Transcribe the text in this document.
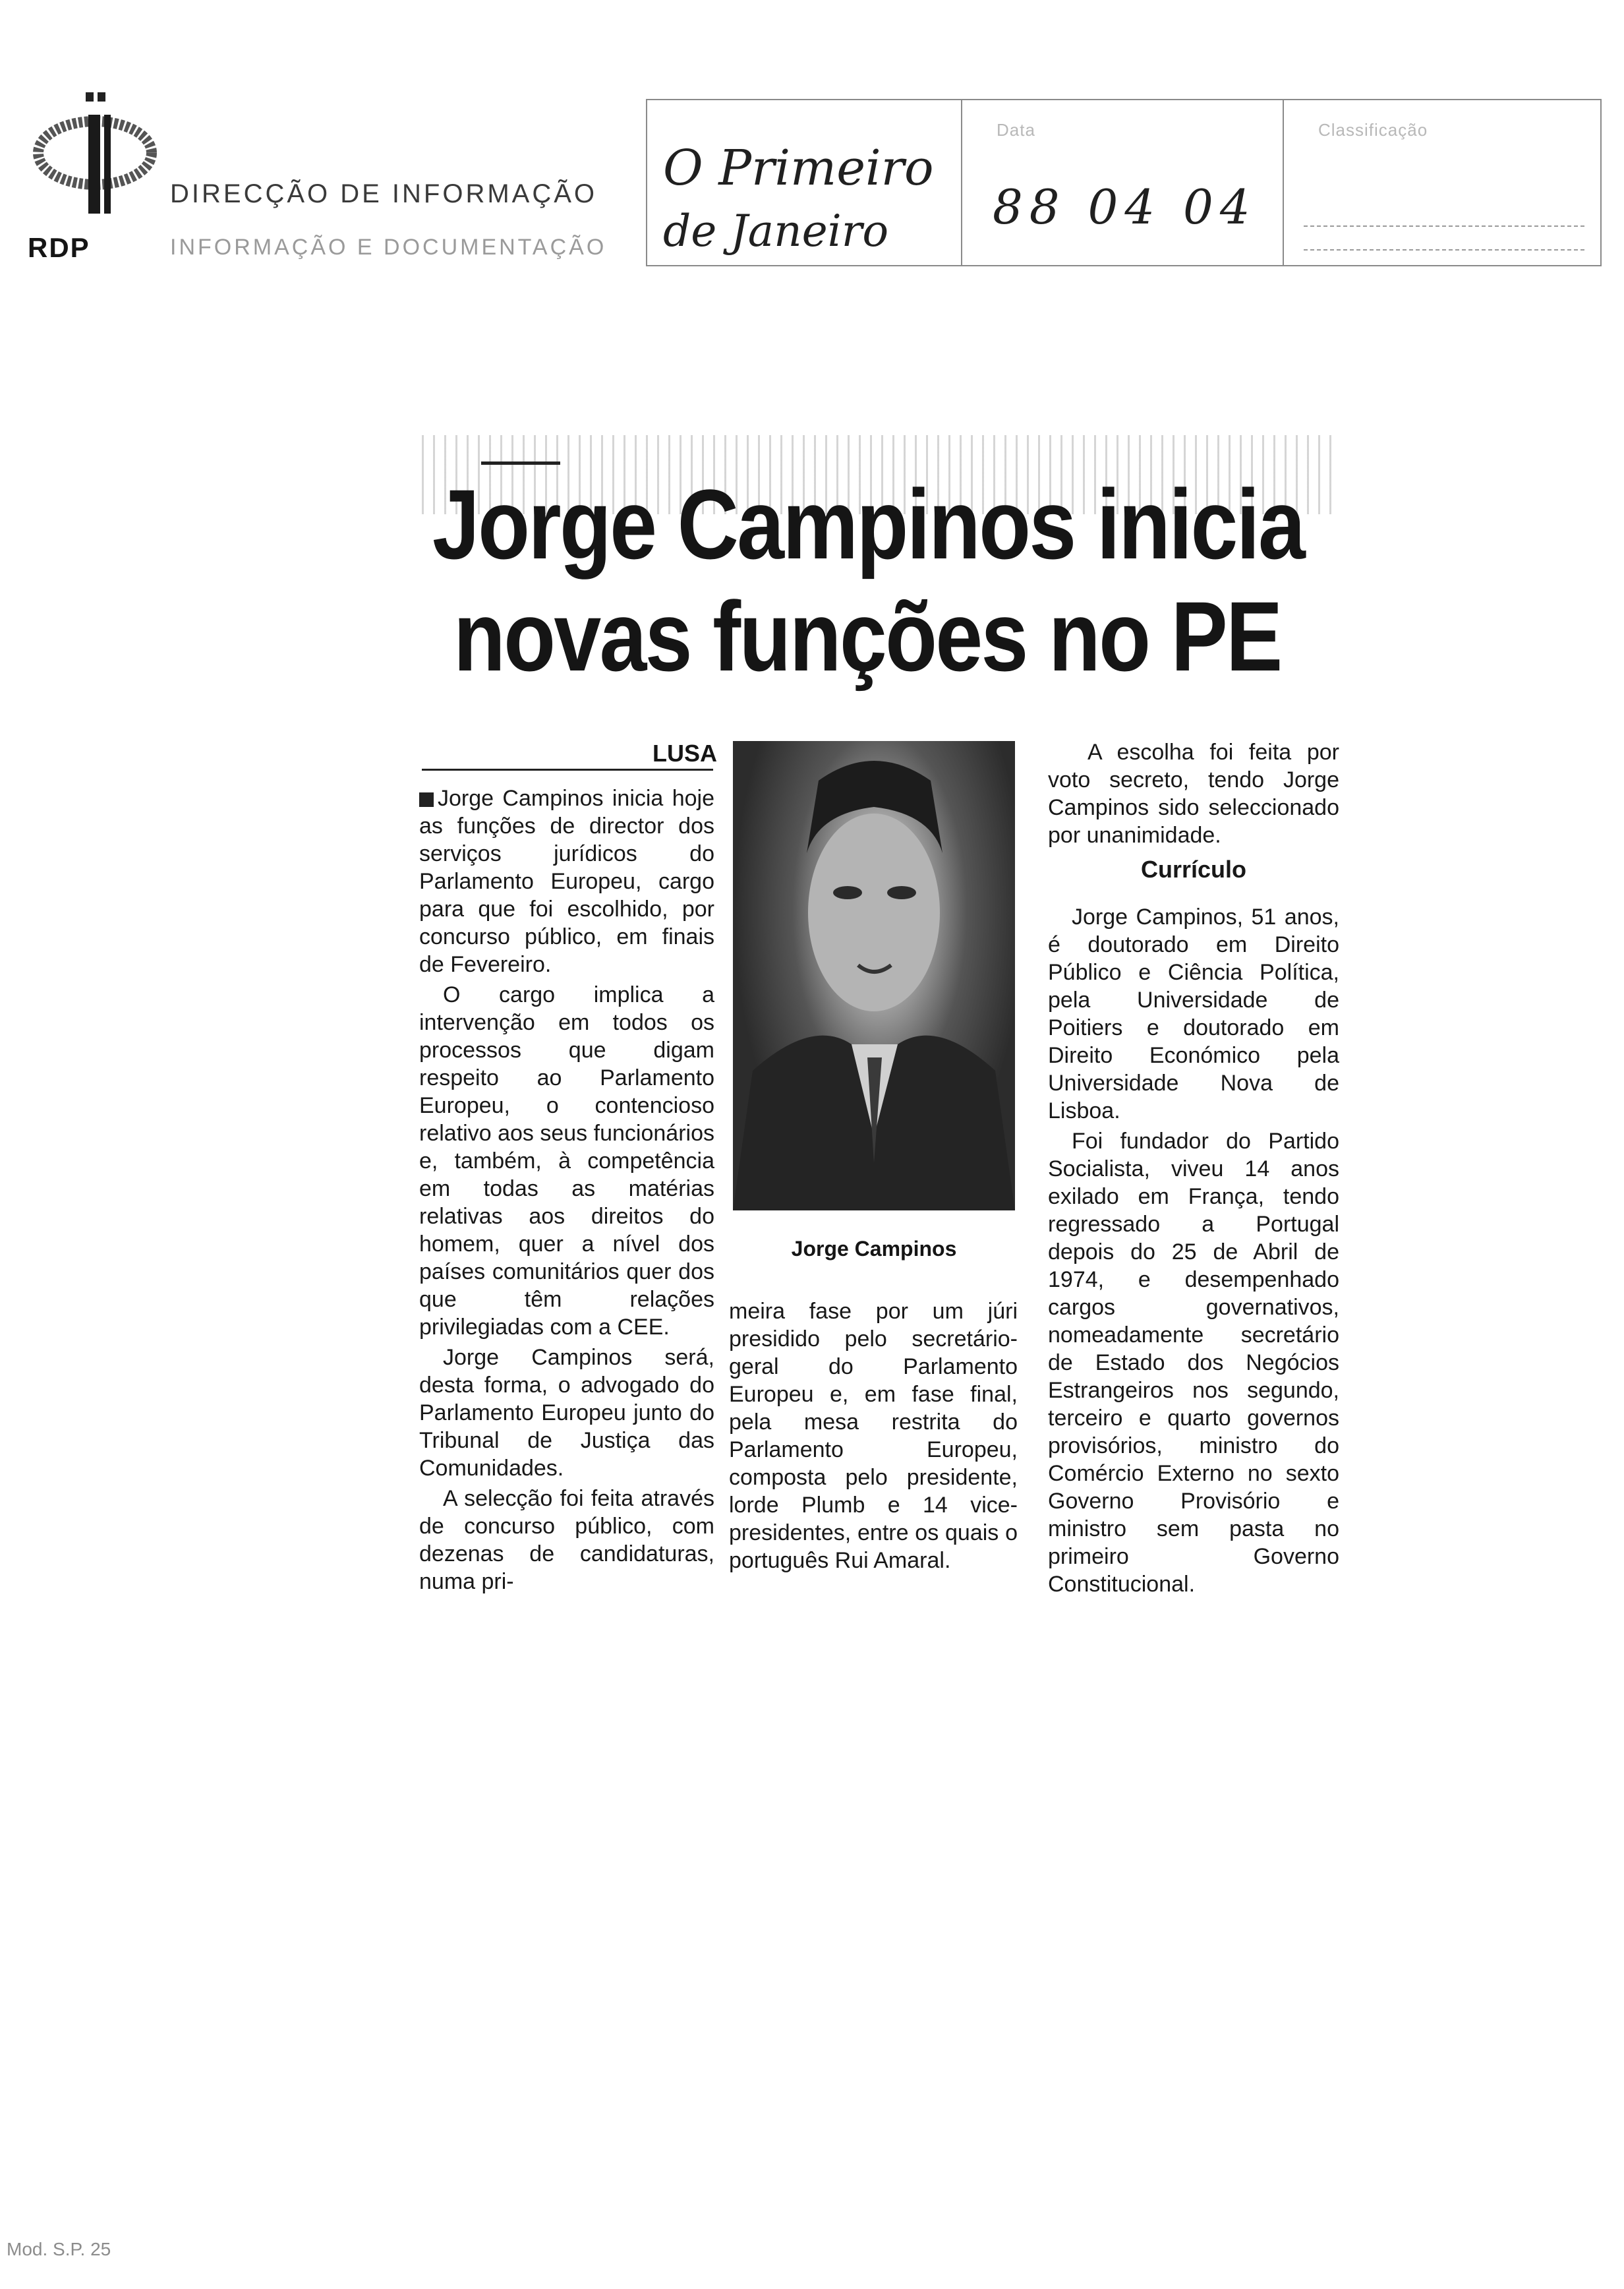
RDP
DIRECÇÃO DE INFORMAÇÃO
INFORMAÇÃO E DOCUMENTAÇÃO
O Primeiro
de Janeiro
Data
88 04 04
Classificação
Jorge Campinos inicia
novas funções no PE
LUSA

Jorge Campinos inicia hoje as funções de director dos serviços jurídicos do Parlamento Europeu, cargo para que foi escolhido, por concurso público, em finais de Fevereiro.

O cargo implica a intervenção em todos os processos que digam respeito ao Parlamento Europeu, o contencioso relativo aos seus funcionários e, também, à competência em todas as matérias relativas aos direitos do homem, quer a nível dos países comunitários quer dos que têm relações privilegiadas com a CEE.

Jorge Campinos será, desta forma, o advogado do Parlamento Europeu junto do Tribunal de Justiça das Comunidades.

A selecção foi feita através de concurso público, com dezenas de candidaturas, numa pri-

Jorge Campinos

meira fase por um júri presidido pelo secretário-geral do Parlamento Europeu e, em fase final, pela mesa restrita do Parlamento Europeu, composta pelo presidente, lorde Plumb e 14 vice-presidentes, entre os quais o português Rui Amaral.

A escolha foi feita por voto secreto, tendo Jorge Campinos sido seleccionado por unanimidade.

Currículo

Jorge Campinos, 51 anos, é doutorado em Direito Público e Ciência Política, pela Universidade de Poitiers e doutorado em Direito Económico pela Universidade Nova de Lisboa.

Foi fundador do Partido Socialista, viveu 14 anos exilado em França, tendo regressado a Portugal depois do 25 de Abril de 1974, e desempenhado cargos governativos, nomeadamente secretário de Estado dos Negócios Estrangeiros nos segundo, terceiro e quarto governos provisórios, ministro do Comércio Externo no sexto Governo Provisório e ministro sem pasta no primeiro Governo Constitucional.

Mod. S.P. 25
